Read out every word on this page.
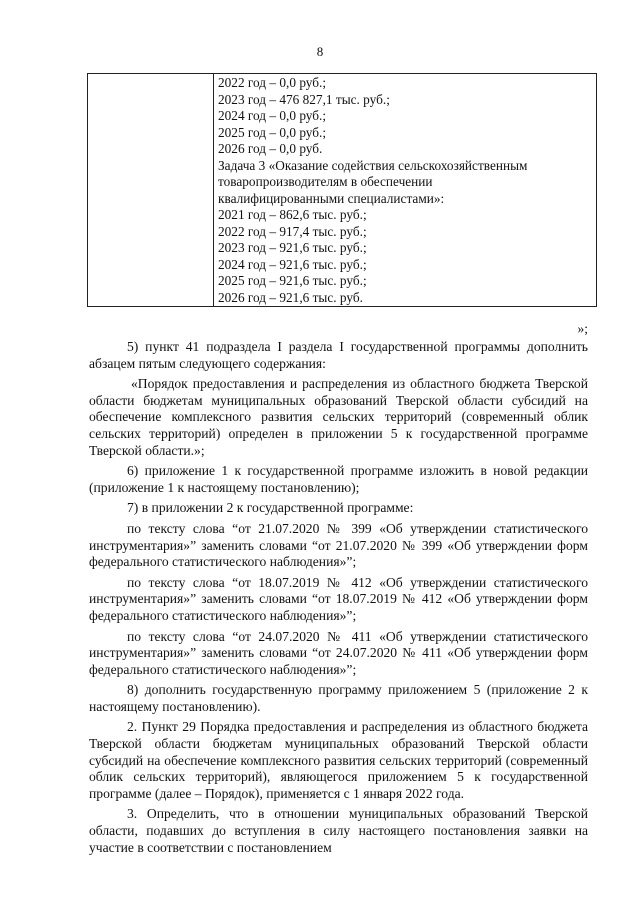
8

2022 год – 0,0 руб.;
2023 год – 476 827,1 тыс. руб.;
2024 год – 0,0 руб.;
2025 год – 0,0 руб.;
2026 год – 0,0 руб.
Задача 3 «Оказание содействия сельскохозяйственным
товаропроизводителям в обеспечении
квалифицированными специалистами»:
2021 год – 862,6 тыс. руб.;
2022 год – 917,4 тыс. руб.;
2023 год – 921,6 тыс. руб.;
2024 год – 921,6 тыс. руб.;
2025 год – 921,6 тыс. руб.;
2026 год – 921,6 тыс. руб.
»;

5) пункт 41 подраздела I раздела I государственной программы дополнить абзацем пятым следующего содержания:

«Порядок предоставления и распределения из областного бюджета Тверской области бюджетам муниципальных образований Тверской области субсидий на обеспечение комплексного развития сельских территорий (современный облик сельских территорий) определен в приложении 5 к государственной программе Тверской области.»;

6) приложение 1 к государственной программе изложить в новой редакции (приложение 1 к настоящему постановлению);

7) в приложении 2 к государственной программе:

по тексту слова “от 21.07.2020 № 399 «Об утверждении статистического инструментария»” заменить словами “от 21.07.2020 № 399 «Об утверждении форм федерального статистического наблюдения»”;

по тексту слова “от 18.07.2019 № 412 «Об утверждении статистического инструментария»” заменить словами “от 18.07.2019 № 412 «Об утверждении форм федерального статистического наблюдения»”;

по тексту слова “от 24.07.2020 № 411 «Об утверждении статистического инструментария»” заменить словами “от 24.07.2020 № 411 «Об утверждении форм федерального статистического наблюдения»”;

8) дополнить государственную программу приложением 5 (приложение 2 к настоящему постановлению).

2. Пункт 29 Порядка предоставления и распределения из областного бюджета Тверской области бюджетам муниципальных образований Тверской области субсидий на обеспечение комплексного развития сельских территорий (современный облик сельских территорий), являющегося приложением 5 к государственной программе (далее – Порядок), применяется с 1 января 2022 года.

3. Определить, что в отношении муниципальных образований Тверской области, подавших до вступления в силу настоящего постановления заявки на участие в соответствии с постановлением
